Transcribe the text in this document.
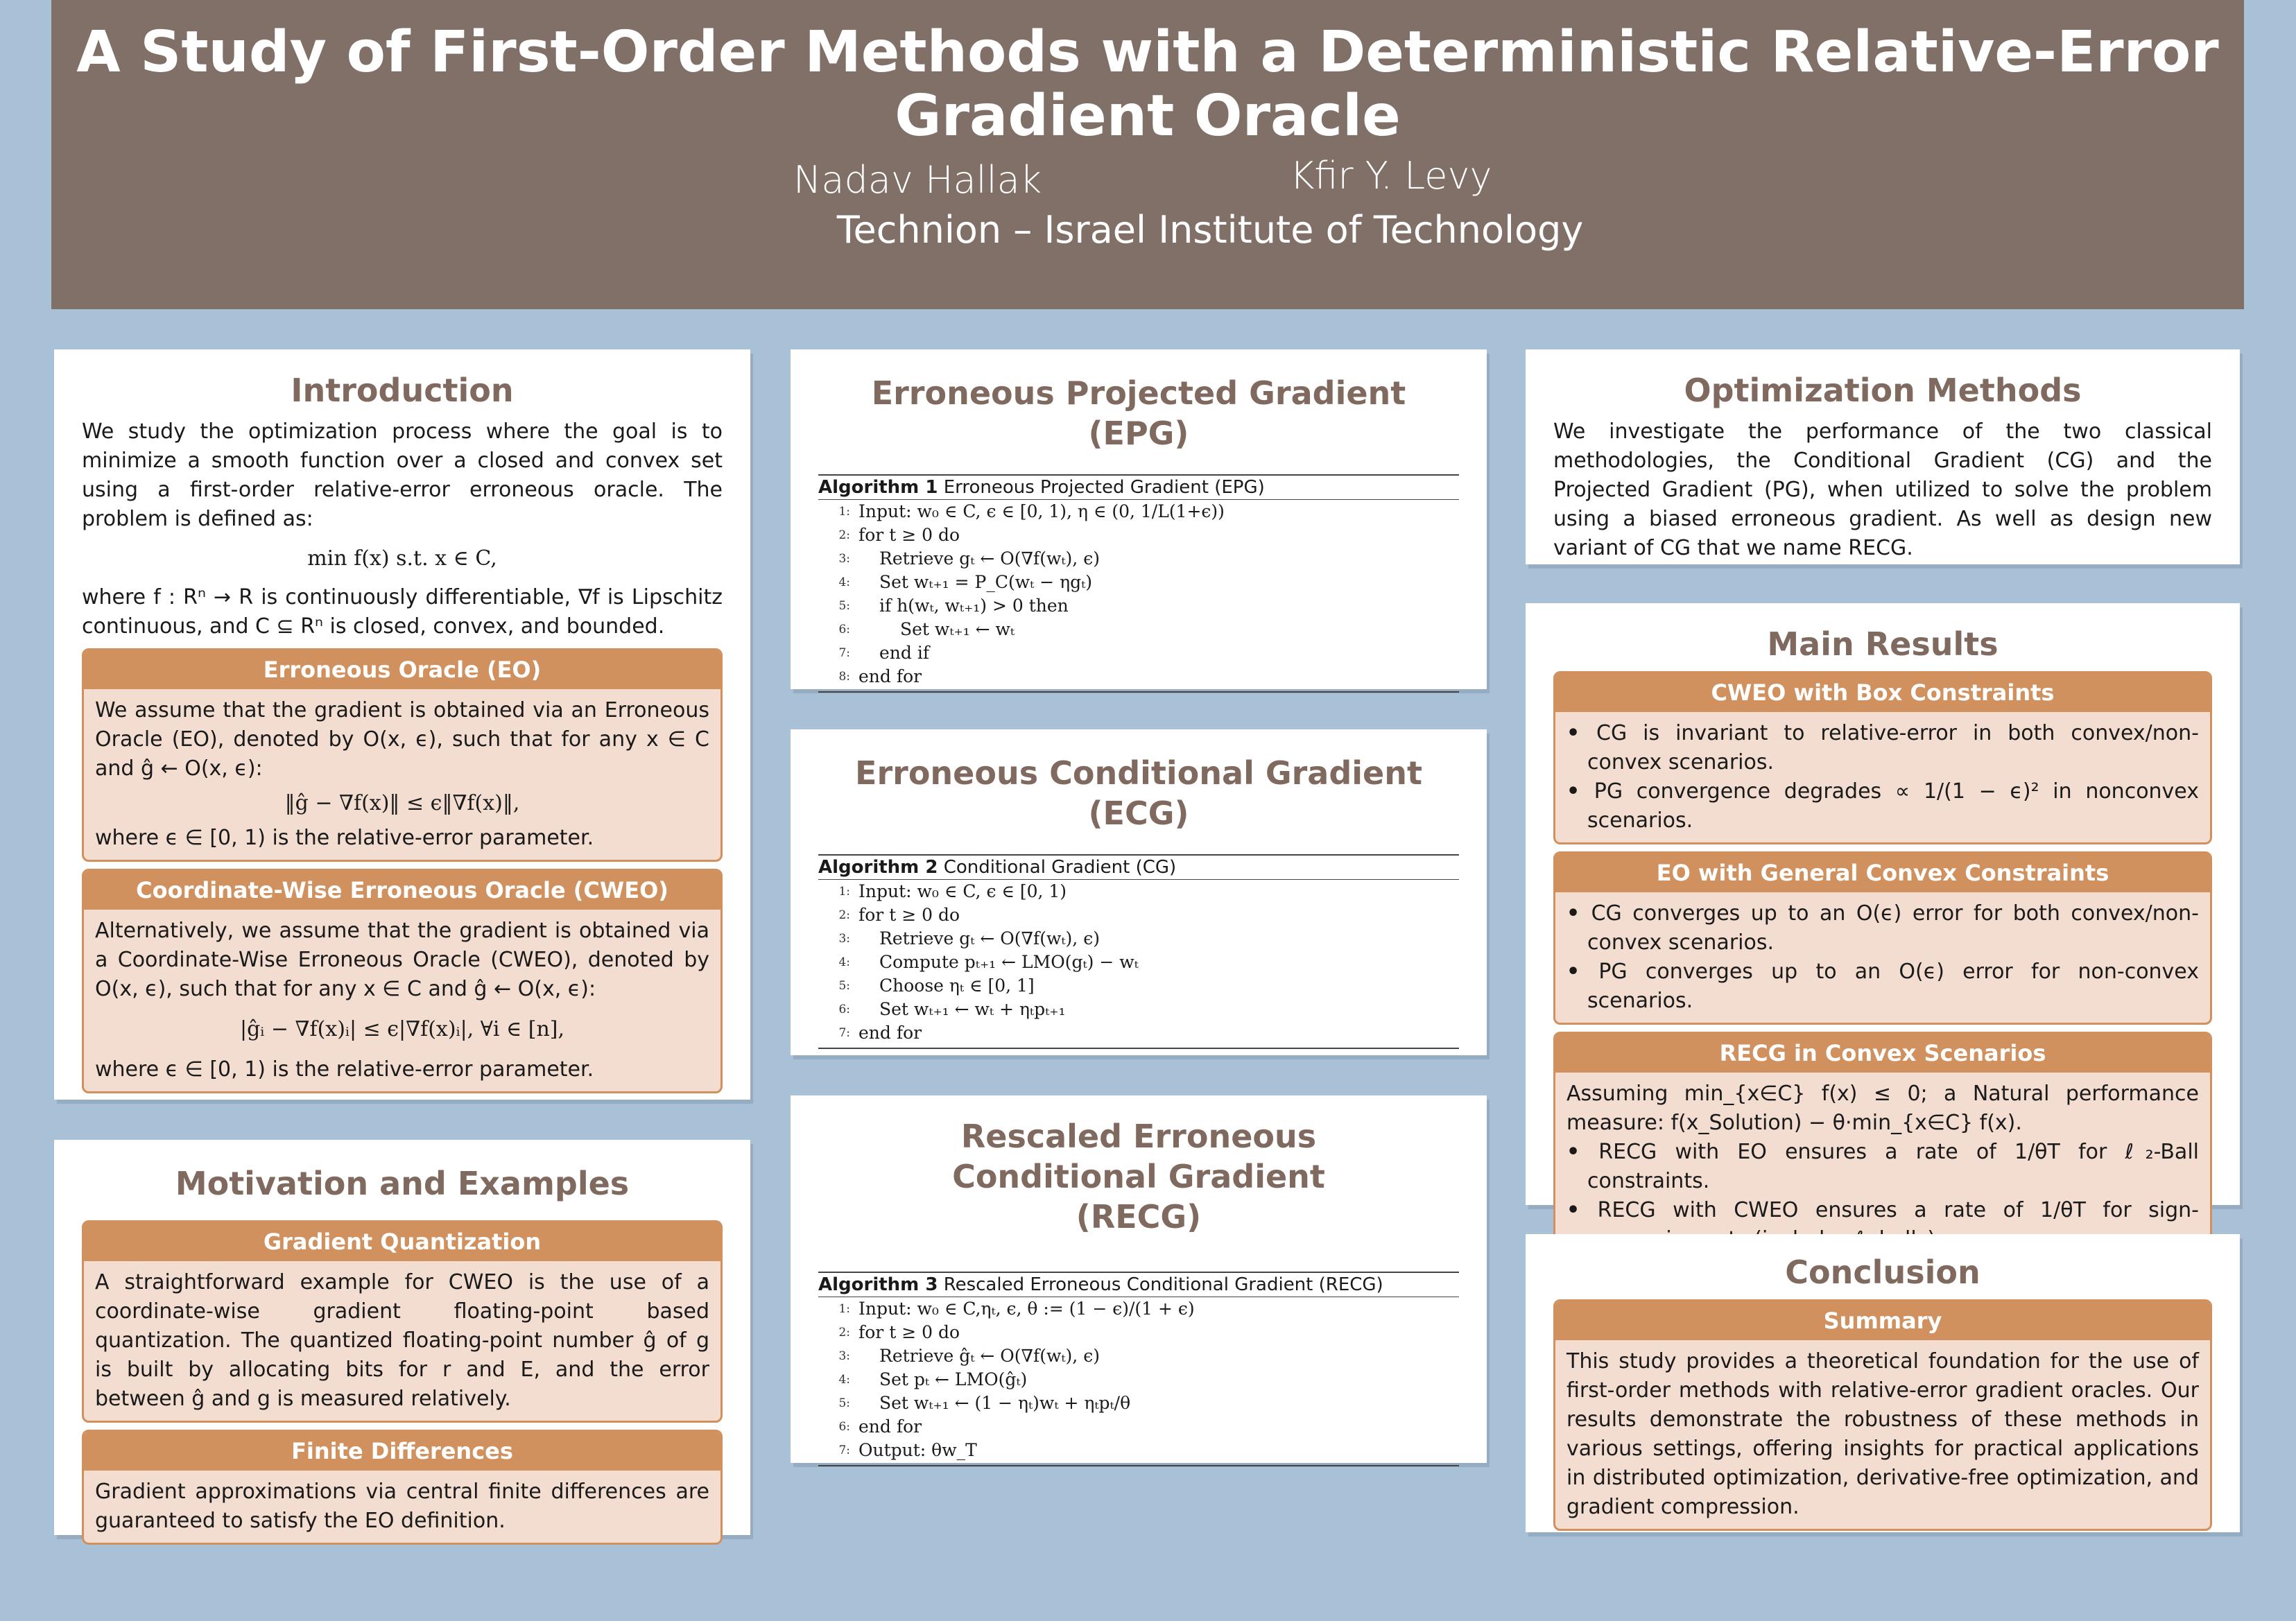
A Study of First-Order Methods with a Deterministic Relative-Error Gradient Oracle
Nadav Hallak	Kfir Y. Levy
Technion – Israel Institute of Technology
Introduction

We study the optimization process where the goal is to minimize a smooth function over a closed and convex set using a first-order relative-error erroneous oracle. The problem is defined as:

min f(x) s.t. x ∈ C,

where f : Rⁿ → R is continuously differentiable, ∇f is Lipschitz continuous, and C ⊆ Rⁿ is closed, convex, and bounded.

Erroneous Oracle (EO)
We assume that the gradient is obtained via an Erroneous Oracle (EO), denoted by O(x, ϵ), such that for any x ∈ C and ĝ ← O(x, ϵ):
‖ĝ − ∇f(x)‖ ≤ ϵ‖∇f(x)‖,
where ϵ ∈ [0, 1) is the relative-error parameter.
Coordinate-Wise Erroneous Oracle (CWEO)
Alternatively, we assume that the gradient is obtained via a Coordinate-Wise Erroneous Oracle (CWEO), denoted by O(x, ϵ), such that for any x ∈ C and ĝ ← O(x, ϵ):
|ĝᵢ − ∇f(x)ᵢ| ≤ ϵ|∇f(x)ᵢ|, ∀i ∈ [n],
where ϵ ∈ [0, 1) is the relative-error parameter.
Motivation and Examples
Gradient Quantization
A straightforward example for CWEO is the use of a coordinate-wise gradient floating-point based quantization. The quantized floating-point number ĝ of g is built by allocating bits for r and E, and the error between ĝ and g is measured relatively.
Finite Differences
Gradient approximations via central finite differences are guaranteed to satisfy the EO definition.
Erroneous Projected Gradient (EPG)
Algorithm 1 Erroneous Projected Gradient (EPG)
1: Input: w₀ ∈ C, ϵ ∈ [0, 1), η ∈ (0, 1/L(1+ϵ))
2: for t ≥ 0 do
3:	Retrieve gₜ ← O(∇f(wₜ), ϵ)
4:	Set wₜ₊₁ = P_C(wₜ − ηgₜ)
5:	if h(wₜ, wₜ₊₁) > 0 then
6:	Set wₜ₊₁ ← wₜ
7:	end if
8: end for
Erroneous Conditional Gradient (ECG)
Algorithm 2 Conditional Gradient (CG)
1: Input: w₀ ∈ C, ϵ ∈ [0, 1)
2: for t ≥ 0 do
3:	Retrieve gₜ ← O(∇f(wₜ), ϵ)
4:	Compute pₜ₊₁ ← LMO(gₜ) − wₜ
5:	Choose ηₜ ∈ [0, 1]
6:	Set wₜ₊₁ ← wₜ + ηₜpₜ₊₁
7: end for
Rescaled Erroneous Conditional Gradient (RECG)
Algorithm 3 Rescaled Erroneous Conditional Gradient (RECG)
1: Input: w₀ ∈ C,ηₜ, ϵ, θ := (1 − ϵ)/(1 + ϵ)
2: for t ≥ 0 do
3:	Retrieve ĝₜ ← O(∇f(wₜ), ϵ)
4:	Set pₜ ← LMO(ĝₜ)
5:	Set wₜ₊₁ ← (1 − ηₜ)wₜ + ηₜpₜ/θ
6: end for
7: Output: θw_T
Optimization Methods

We investigate the performance of the two classical methodologies, the Conditional Gradient (CG) and the Projected Gradient (PG), when utilized to solve the problem using a biased erroneous gradient. As well as design new variant of CG that we name RECG.

Main Results
CWEO with Box Constraints
• CG is invariant to relative-error in both convex/non-convex scenarios.
• PG convergence degrades ∝ 1/(1 − ϵ)² in nonconvex scenarios.
EO with General Convex Constraints
• CG converges up to an O(ϵ) error for both convex/non-convex scenarios.
• PG converges up to an O(ϵ) error for non-convex scenarios.
RECG in Convex Scenarios
Assuming min_{x∈C} f(x) ≤ 0; a Natural performance measure: f(x_Solution) − θ·min_{x∈C} f(x).
• RECG with EO ensures a rate of 1/θT for ℓ₂-Ball constraints.
• RECG with CWEO ensures a rate of 1/θT for sign-
Conclusion
Summary
This study provides a theoretical foundation for the use of first-order methods with relative-error gradient oracles. Our results demonstrate the robustness of these methods in various settings, offering insights for practical applications in distributed optimization, derivative-free optimization, and gradient compression.
